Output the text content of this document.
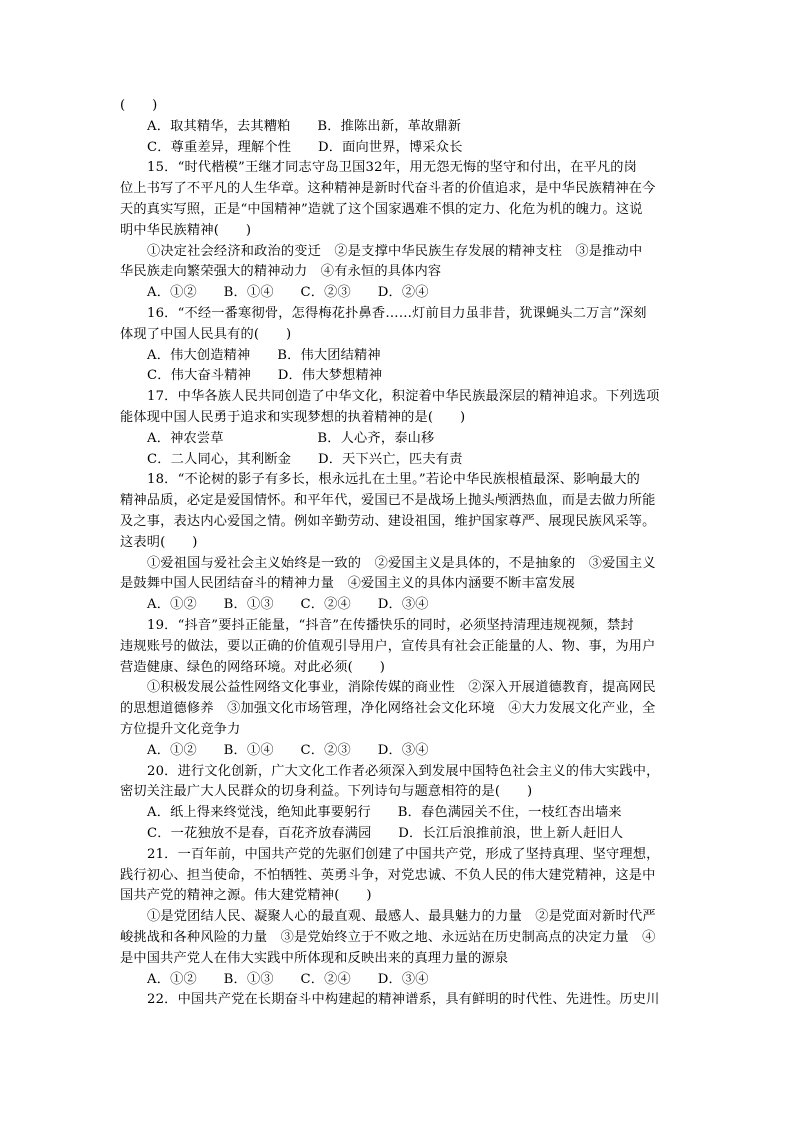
(　　)
A．取其精华，去其糟粕　　B．推陈出新，革故鼎新
C．尊重差异，理解个性　　D．面向世界，博采众长
15．“时代楷模”王继才同志守岛卫国32年，用无怨无悔的坚守和付出，在平凡的岗
位上书写了不平凡的人生华章。这种精神是新时代奋斗者的价值追求，是中华民族精神在今
天的真实写照，正是“中国精神”造就了这个国家遇难不惧的定力、化危为机的魄力。这说
明中华民族精神(　　)
①决定社会经济和政治的变迁　②是支撑中华民族生存发展的精神支柱　③是推动中
华民族走向繁荣强大的精神动力　④有永恒的具体内容
A．①②　　B．①④　　C．②③　　D．②④
16．“不经一番寒彻骨，怎得梅花扑鼻香……灯前目力虽非昔，犹课蝇头二万言”深刻
体现了中国人民具有的(　　)
A．伟大创造精神　　B．伟大团结精神
C．伟大奋斗精神　　D．伟大梦想精神
17．中华各族人民共同创造了中华文化，积淀着中华民族最深层的精神追求。下列选项
能体现中国人民勇于追求和实现梦想的执着精神的是(　　)
A．神农尝草　　　　　　　B．人心齐，泰山移
C．二人同心，其利断金　　D．天下兴亡，匹夫有责
18．“不论树的影子有多长，根永远扎在土里。”若论中华民族根植最深、影响最大的
精神品质，必定是爱国情怀。和平年代，爱国已不是战场上抛头颅洒热血，而是去做力所能
及之事，表达内心爱国之情。例如辛勤劳动、建设祖国，维护国家尊严、展现民族风采等。
这表明(　　)
①爱祖国与爱社会主义始终是一致的　②爱国主义是具体的，不是抽象的　③爱国主义
是鼓舞中国人民团结奋斗的精神力量　④爱国主义的具体内涵要不断丰富发展
A．①②　　B．①③　　C．②④　　D．③④
19．“抖音”要抖正能量，“抖音”在传播快乐的同时，必须坚持清理违规视频，禁封
违规账号的做法，要以正确的价值观引导用户，宣传具有社会正能量的人、物、事，为用户
营造健康、绿色的网络环境。对此必须(　　)
①积极发展公益性网络文化事业，消除传媒的商业性　②深入开展道德教育，提高网民
的思想道德修养　③加强文化市场管理，净化网络社会文化环境　④大力发展文化产业，全
方位提升文化竞争力
A．①②　　B．①④　　C．②③　　D．③④
20．进行文化创新，广大文化工作者必须深入到发展中国特色社会主义的伟大实践中，
密切关注最广大人民群众的切身利益。下列诗句与题意相符的是(　　)
A．纸上得来终觉浅，绝知此事要躬行　　B．春色满园关不住，一枝红杏出墙来
C．一花独放不是春，百花齐放春满园　　D．长江后浪推前浪，世上新人赶旧人
21．一百年前，中国共产党的先驱们创建了中国共产党，形成了坚持真理、坚守理想，
践行初心、担当使命，不怕牺牲、英勇斗争，对党忠诚、不负人民的伟大建党精神，这是中
国共产党的精神之源。伟大建党精神(　　)
①是党团结人民、凝聚人心的最直观、最感人、最具魅力的力量　②是党面对新时代严
峻挑战和各种风险的力量　③是党始终立于不败之地、永远站在历史制高点的决定力量　④
是中国共产党人在伟大实践中所体现和反映出来的真理力量的源泉
A．①②　　B．①③　　C．②④　　D．③④
22．中国共产党在长期奋斗中构建起的精神谱系，具有鲜明的时代性、先进性。历史川
